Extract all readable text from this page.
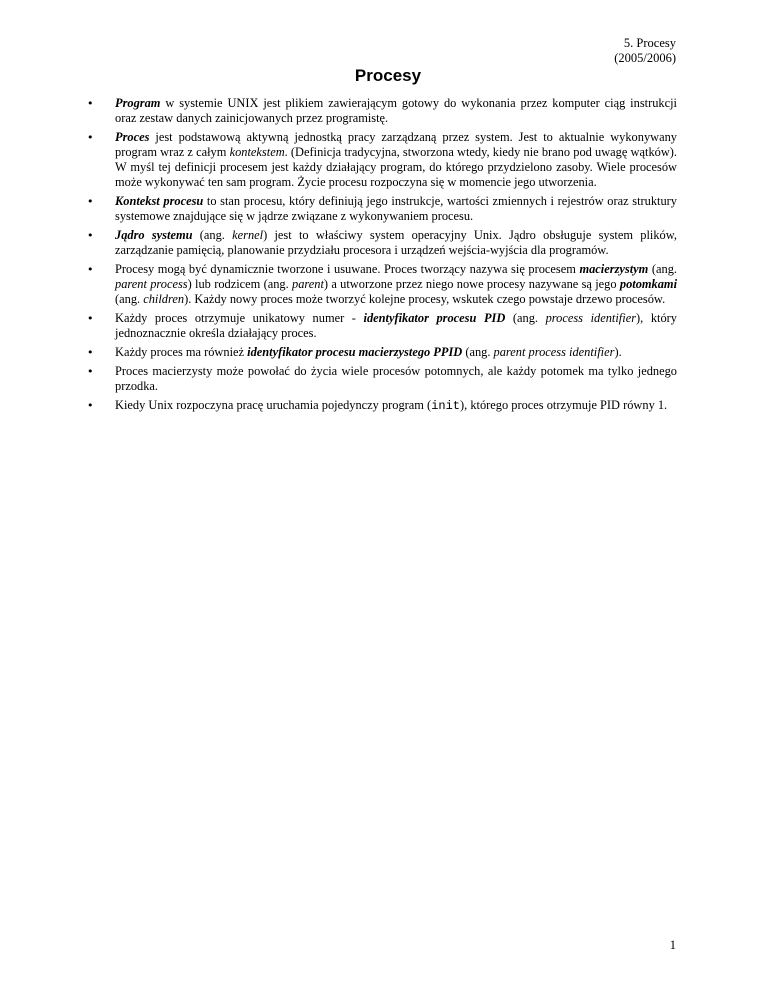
5. Procesy
(2005/2006)
Procesy
• Program w systemie UNIX jest plikiem zawierającym gotowy do wykonania przez komputer ciąg instrukcji oraz zestaw danych zainicjowanych przez programistę.
• Proces jest podstawową aktywną jednostką pracy zarządzaną przez system. Jest to aktualnie wykonywany program wraz z całym kontekstem. (Definicja tradycyjna, stworzona wtedy, kiedy nie brano pod uwagę wątków). W myśl tej definicji procesem jest każdy działający program, do którego przydzielono zasoby. Wiele procesów może wykonywać ten sam program. Życie procesu rozpoczyna się w momencie jego utworzenia.
• Kontekst procesu to stan procesu, który definiują jego instrukcje, wartości zmiennych i rejestrów oraz struktury systemowe znajdujące się w jądrze związane z wykonywaniem procesu.
• Jądro systemu (ang. kernel) jest to właściwy system operacyjny Unix. Jądro obsługuje system plików, zarządzanie pamięcią, planowanie przydziału procesora i urządzeń wejścia-wyjścia dla programów.
• Procesy mogą być dynamicznie tworzone i usuwane. Proces tworzący nazywa się procesem macierzystym (ang. parent process) lub rodzicem (ang. parent) a utworzone przez niego nowe procesy nazywane są jego potomkami (ang. children). Każdy nowy proces może tworzyć kolejne procesy, wskutek czego powstaje drzewo procesów.
• Każdy proces otrzymuje unikatowy numer - identyfikator procesu PID (ang. process identifier), który jednoznacznie określa działający proces.
• Każdy proces ma również identyfikator procesu macierzystego PPID (ang. parent process identifier).
• Proces macierzysty może powołać do życia wiele procesów potomnych, ale każdy potomek ma tylko jednego przodka.
• Kiedy Unix rozpoczyna pracę uruchamia pojedynczy program (init), którego proces otrzymuje PID równy 1.
1
